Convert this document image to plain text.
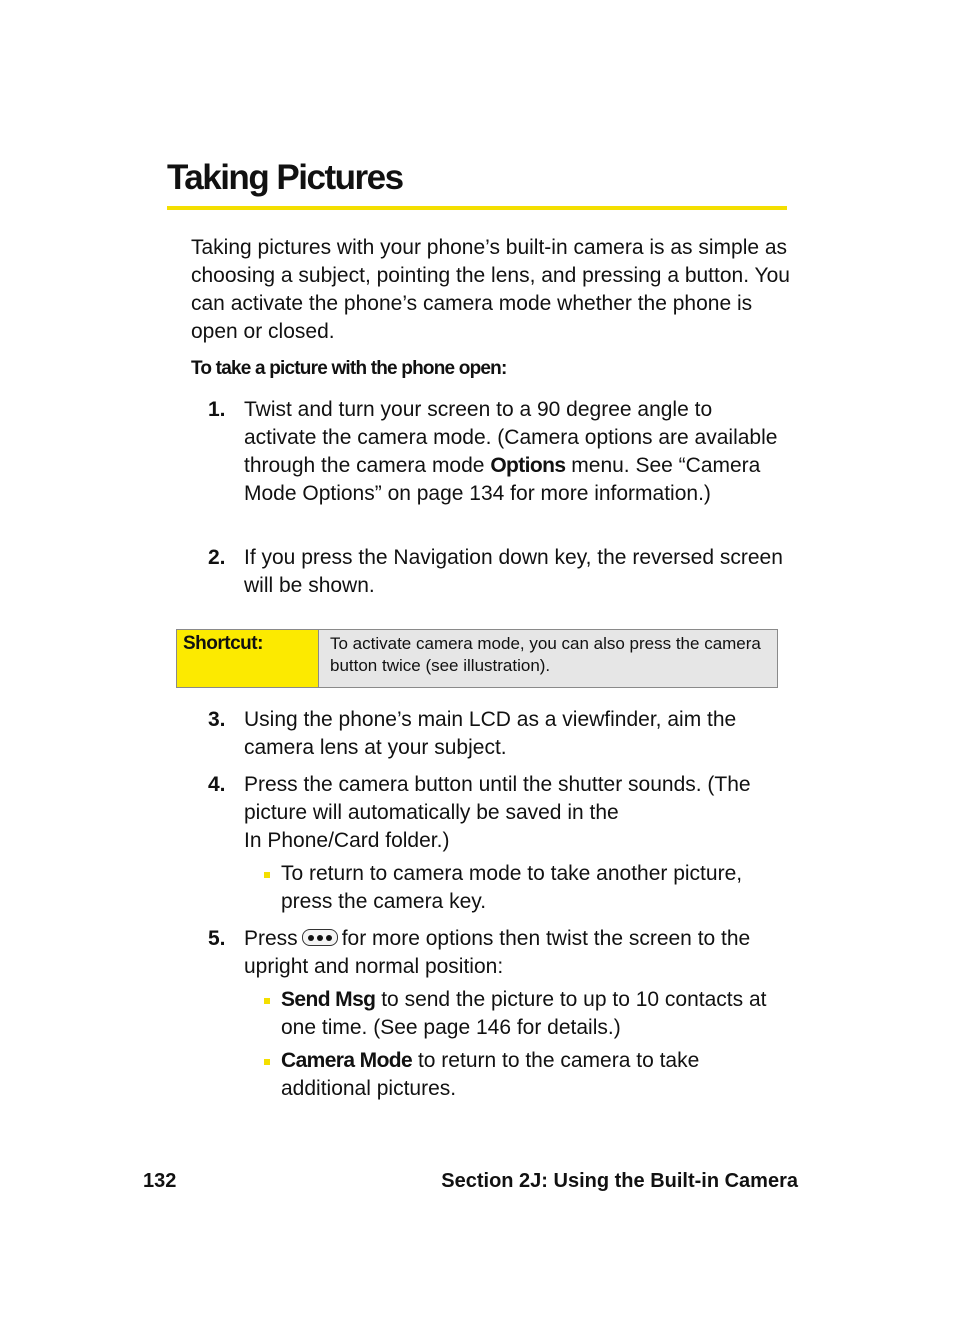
Taking Pictures

Taking pictures with your phone’s built-in camera is as simple as choosing a subject, pointing the lens, and pressing a button. You can activate the phone’s camera mode whether the phone is open or closed.

To take a picture with the phone open:

1. Twist and turn your screen to a 90 degree angle to activate the camera mode. (Camera options are available through the camera mode Options menu. See “Camera Mode Options” on page 134 for more information.)
2. If you press the Navigation down key, the reversed screen will be shown.
Shortcut:	To activate camera mode, you can also press the camera button twice (see illustration).
3. Using the phone’s main LCD as a viewfinder, aim the camera lens at your subject.
4. Press the camera button until the shutter sounds. (The picture will automatically be saved in the
In Phone/Card folder.)
To return to camera mode to take another picture, press the camera key.
5. Press for more options then twist the screen to the upright and normal position:
Send Msg to send the picture to up to 10 contacts at one time. (See page 146 for details.)
Camera Mode to return to the camera to take additional pictures.
132	Section 2J: Using the Built-in Camera
